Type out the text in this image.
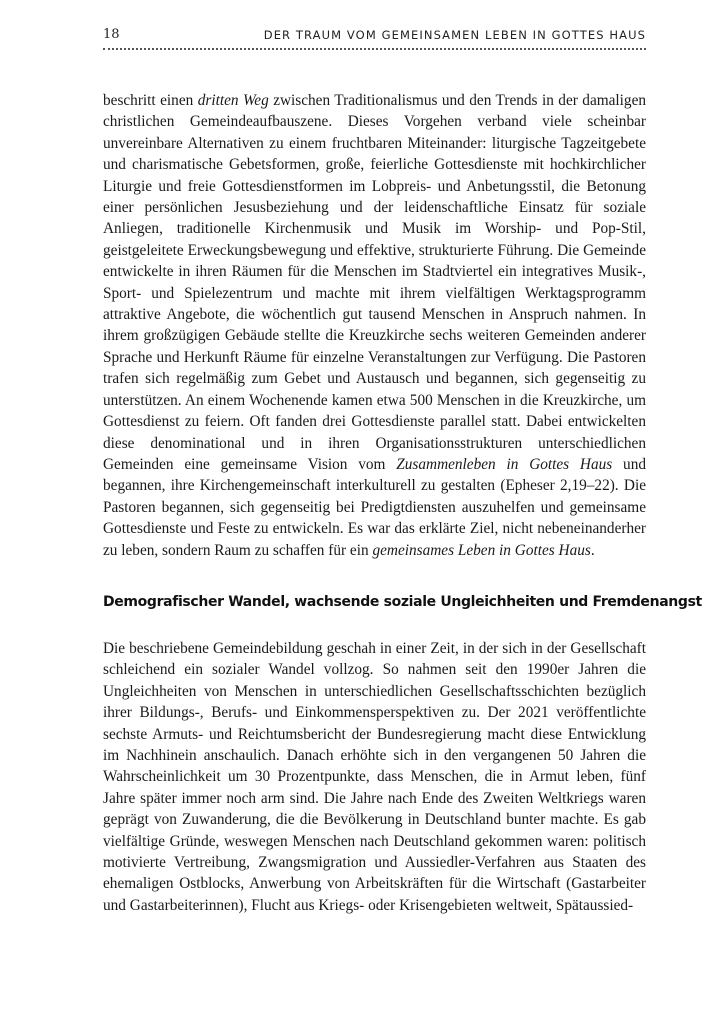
18	DER TRAUM VOM GEMEINSAMEN LEBEN IN GOTTES HAUS

beschritt einen dritten Weg zwischen Traditionalismus und den Trends in der damaligen christlichen Gemeindeaufbauszene. Dieses Vorgehen verband viele scheinbar unvereinbare Alternativen zu einem fruchtbaren Miteinander: liturgische Tagzeitgebete und charismatische Gebetsformen, große, feierliche Gottesdienste mit hochkirchlicher Liturgie und freie Gottesdienstformen im Lobpreis- und Anbetungsstil, die Betonung einer persönlichen Jesusbeziehung und der leidenschaftliche Einsatz für soziale Anliegen, traditionelle Kirchenmusik und Musik im Worship- und Pop-Stil, geistgeleitete Erweckungsbewegung und effektive, strukturierte Führung. Die Gemeinde entwickelte in ihren Räumen für die Menschen im Stadtviertel ein integratives Musik-, Sport- und Spielezentrum und machte mit ihrem vielfältigen Werktagsprogramm attraktive Angebote, die wöchentlich gut tausend Menschen in Anspruch nahmen. In ihrem großzügigen Gebäude stellte die Kreuzkirche sechs weiteren Gemeinden anderer Sprache und Herkunft Räume für einzelne Veranstaltungen zur Verfügung. Die Pastoren trafen sich regelmäßig zum Gebet und Austausch und begannen, sich gegenseitig zu unterstützen. An einem Wochenende kamen etwa 500 Menschen in die Kreuzkirche, um Gottesdienst zu feiern. Oft fanden drei Gottesdienste parallel statt. Dabei entwickelten diese denominational und in ihren Organisationsstrukturen unterschiedlichen Gemeinden eine gemeinsame Vision vom Zusammenleben in Gottes Haus und begannen, ihre Kirchengemeinschaft interkulturell zu gestalten (Epheser 2,19–22). Die Pastoren begannen, sich gegenseitig bei Predigtdiensten auszuhelfen und gemeinsame Gottesdienste und Feste zu entwickeln. Es war das erklärte Ziel, nicht nebeneinanderher zu leben, sondern Raum zu schaffen für ein gemeinsames Leben in Gottes Haus.

Demografischer Wandel, wachsende soziale Ungleichheiten und Fremdenangst

Die beschriebene Gemeindebildung geschah in einer Zeit, in der sich in der Gesellschaft schleichend ein sozialer Wandel vollzog. So nahmen seit den 1990er Jahren die Ungleichheiten von Menschen in unterschiedlichen Gesellschaftsschichten bezüglich ihrer Bildungs-, Berufs- und Einkommensperspektiven zu. Der 2021 veröffentlichte sechste Armuts- und Reichtumsbericht der Bundesregierung macht diese Entwicklung im Nachhinein anschaulich. Danach erhöhte sich in den vergangenen 50 Jahren die Wahrscheinlichkeit um 30 Prozentpunkte, dass Menschen, die in Armut leben, fünf Jahre später immer noch arm sind. Die Jahre nach Ende des Zweiten Weltkriegs waren geprägt von Zuwanderung, die die Bevölkerung in Deutschland bunter machte. Es gab vielfältige Gründe, weswegen Menschen nach Deutschland gekommen waren: politisch motivierte Vertreibung, Zwangsmigration und Aussiedler-Verfahren aus Staaten des ehemaligen Ostblocks, Anwerbung von Arbeitskräften für die Wirtschaft (Gastarbeiter und Gastarbeiterinnen), Flucht aus Kriegs- oder Krisengebieten weltweit, Spätaussied-
